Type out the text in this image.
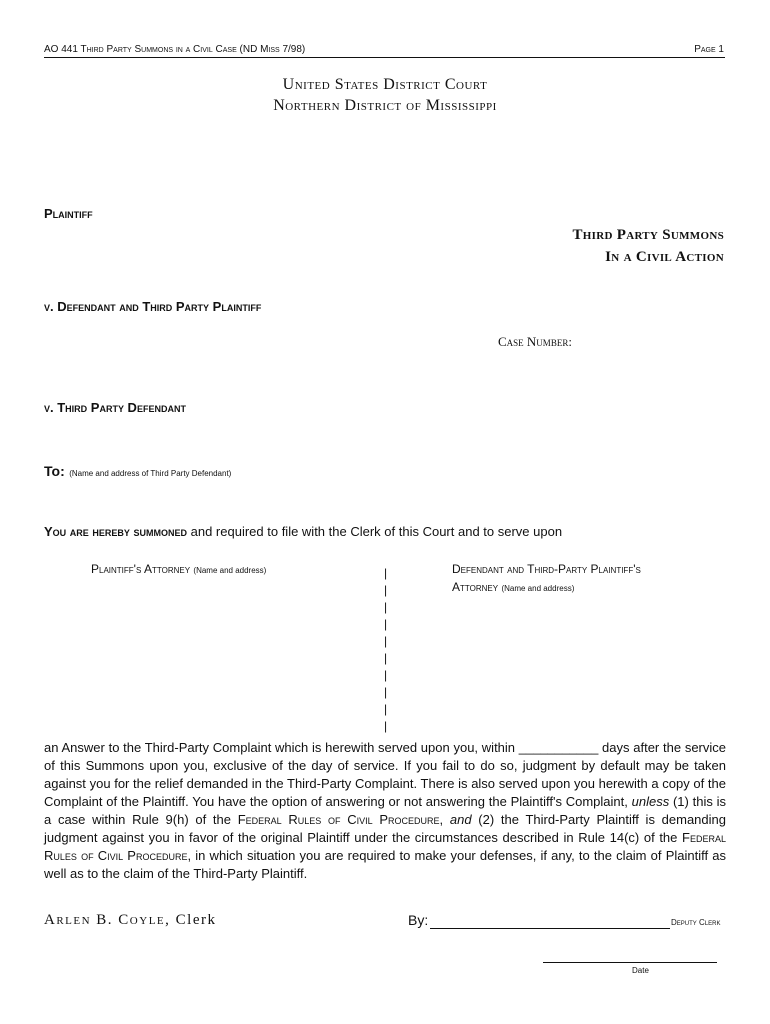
AO 441 Third Party Summons in a Civil Case (ND Miss 7/98)	Page 1
United States District Court
Northern District of Mississippi
Plaintiff
Third Party Summons
In a Civil Action
v. Defendant and Third Party Plaintiff
Case Number:
v. Third Party Defendant
To: (Name and address of Third Party Defendant)
You are hereby summoned and required to file with the Clerk of this Court and to serve upon
Plaintiff's Attorney (Name and address)	Defendant and Third-Party Plaintiff's
Attorney (Name and address)
|
|
|
|
|
|
|
|
|
|
an Answer to the Third-Party Complaint which is herewith served upon you, within ___________ days after the service of this Summons upon you, exclusive of the day of service. If you fail to do so, judgment by default may be taken against you for the relief demanded in the Third-Party Complaint. There is also served upon you herewith a copy of the Complaint of the Plaintiff. You have the option of answering or not answering the Plaintiff's Complaint, unless (1) this is a case within Rule 9(h) of the Federal Rules of Civil Procedure, and (2) the Third-Party Plaintiff is demanding judgment against you in favor of the original Plaintiff under the circumstances described in Rule 14(c) of the Federal Rules of Civil Procedure, in which situation you are required to make your defenses, if any, to the claim of Plaintiff as well as to the claim of the Third-Party Plaintiff.
Arlen B. Coyle, Clerk	By:	Deputy Clerk
Date
